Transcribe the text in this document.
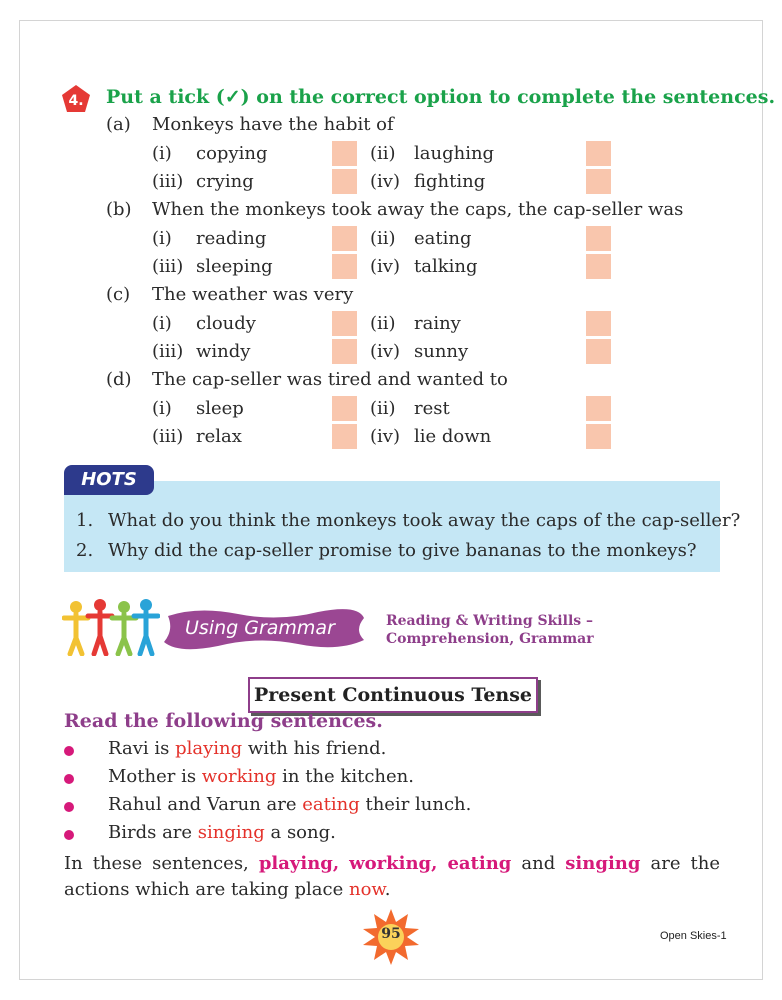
4. Put a tick (✓) on the correct option to complete the sentences.
(a) Monkeys have the habit of
(i) copying	(ii) laughing
(iii) crying	(iv) fighting
(b) When the monkeys took away the caps, the cap-seller was
(i) reading	(ii) eating
(iii) sleeping	(iv) talking
(c) The weather was very
(i) cloudy	(ii) rainy
(iii) windy	(iv) sunny
(d) The cap-seller was tired and wanted to
(i) sleep	(ii) rest
(iii) relax	(iv) lie down
HOTS
1. What do you think the monkeys took away the caps of the cap-seller?
2. Why did the cap-seller promise to give bananas to the monkeys?
Using Grammar	Reading & Writing Skills –
Comprehension, Grammar
Present Continuous Tense
Read the following sentences.
Ravi is playing with his friend.
Mother is working in the kitchen.
Rahul and Varun are eating their lunch.
Birds are singing a song.
In these sentences, playing, working, eating and singing are the actions which are taking place now.
95	Open Skies-1
